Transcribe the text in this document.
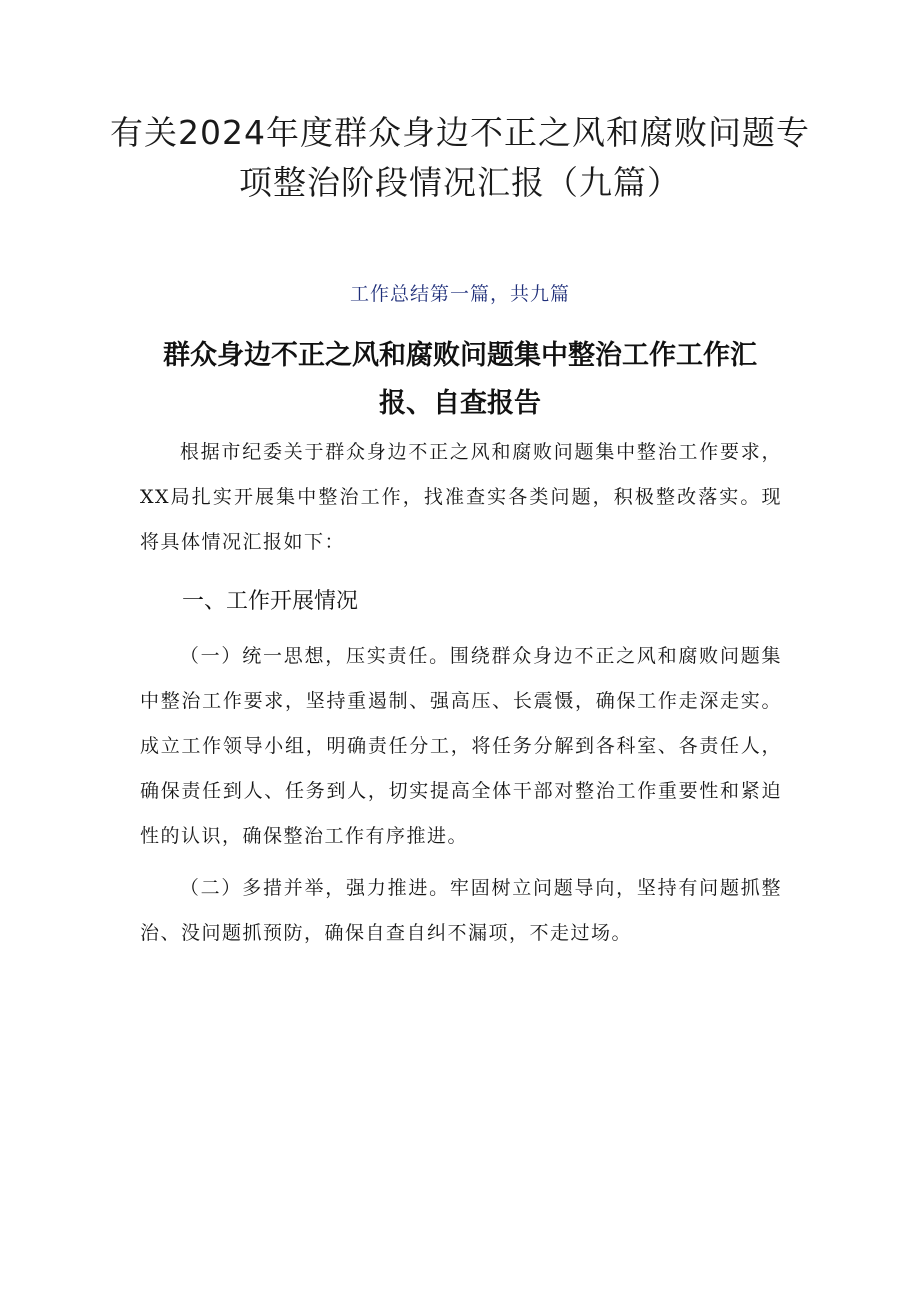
有关2024年度群众身边不正之风和腐败问题专项整治阶段情况汇报（九篇）

工作总结第一篇，共九篇

群众身边不正之风和腐败问题集中整治工作工作汇报、自查报告

根据市纪委关于群众身边不正之风和腐败问题集中整治工作要求，XX局扎实开展集中整治工作，找准查实各类问题，积极整改落实。现将具体情况汇报如下：

一、工作开展情况

（一）统一思想，压实责任。围绕群众身边不正之风和腐败问题集中整治工作要求，坚持重遏制、强高压、长震慑，确保工作走深走实。成立工作领导小组，明确责任分工，将任务分解到各科室、各责任人，确保责任到人、任务到人，切实提高全体干部对整治工作重要性和紧迫性的认识，确保整治工作有序推进。

（二）多措并举，强力推进。牢固树立问题导向，坚持有问题抓整治、没问题抓预防，确保自查自纠不漏项，不走过场。
